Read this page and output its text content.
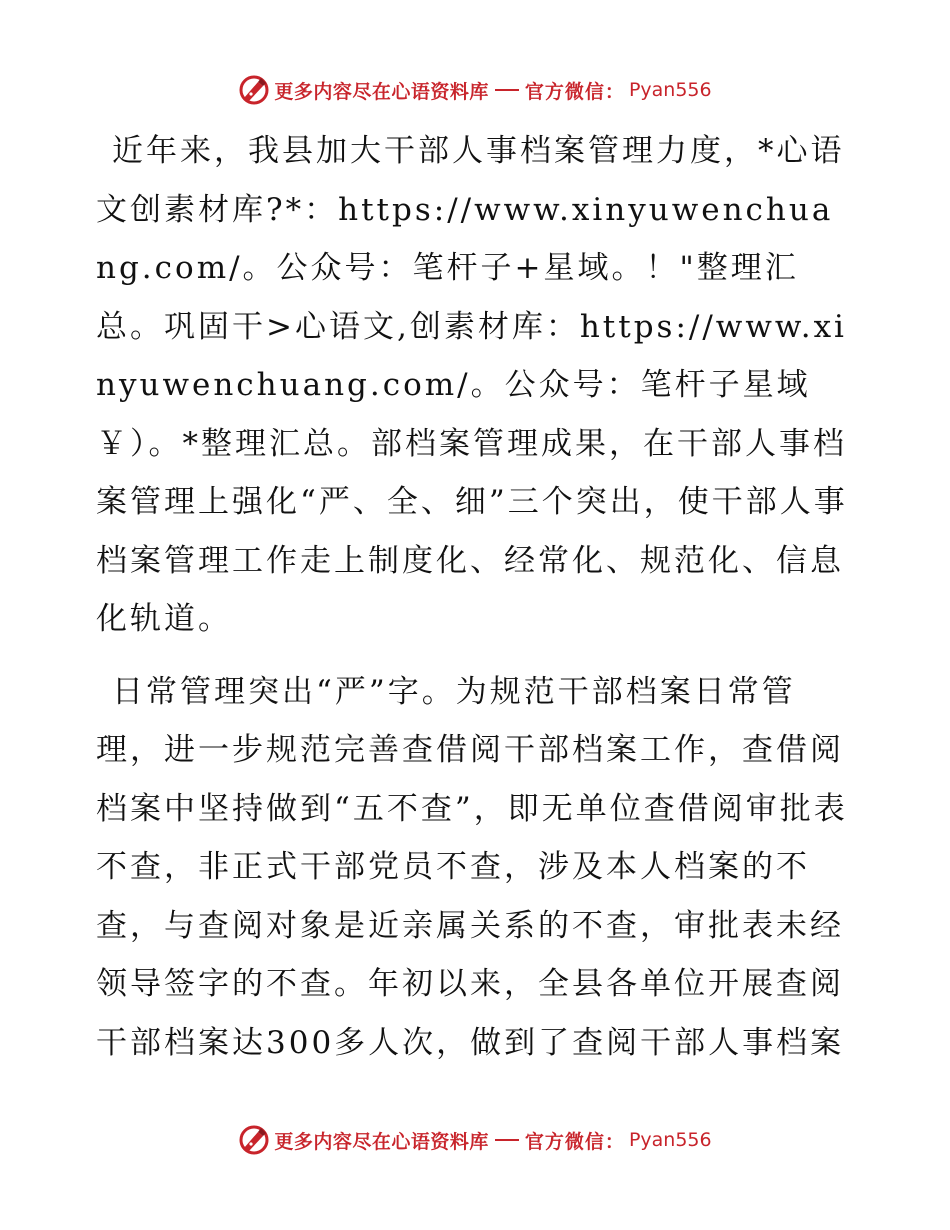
更多内容尽在心语资料库 官方微信： Pyan556

近年来，我县加大干部人事档案管理力度，*心语文创素材库?*：https://www.xinyuwenchuang.com/。公众号：笔杆子+星域。！"整理汇总。巩固干>心语文,创素材库：https://www.xinyuwenchuang.com/。公众号：笔杆子星域￥）。*整理汇总。部档案管理成果，在干部人事档案管理上强化“严、全、细”三个突出，使干部人事档案管理工作走上制度化、经常化、规范化、信息化轨道。

日常管理突出“严”字。为规范干部档案日常管理，进一步规范完善查借阅干部档案工作，查借阅档案中坚持做到“五不查”，即无单位查借阅审批表不查，非正式干部党员不查，涉及本人档案的不查，与查阅对象是近亲属关系的不查，审批表未经领导签字的不查。年初以来，全县各单位开展查阅干部档案达300多人次，做到了查阅干部人事档案

更多内容尽在心语资料库 官方微信： Pyan556
